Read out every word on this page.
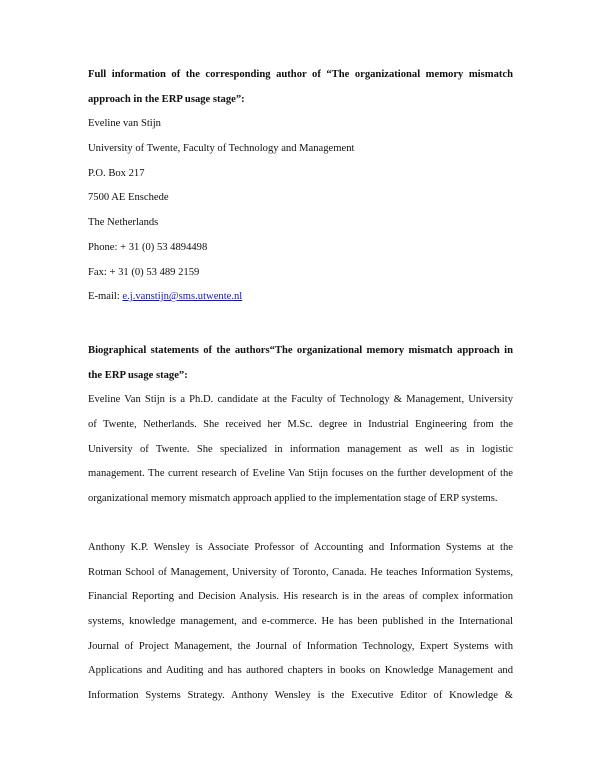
Full information of the corresponding author of “The organizational memory mismatch
approach in the ERP usage stage”:
Eveline van Stijn
University of Twente, Faculty of Technology and Management
P.O. Box 217
7500 AE Enschede
The Netherlands
Phone: + 31 (0) 53 4894498
Fax: + 31 (0) 53 489 2159
E-mail: e.j.vanstijn@sms.utwente.nl
Biographical statements of the authors“The organizational memory mismatch approach in
the ERP usage stage”:
Eveline Van Stijn is a Ph.D. candidate at the Faculty of Technology & Management, University
of Twente, Netherlands. She received her M.Sc. degree in Industrial Engineering from the
University of Twente. She specialized in information management as well as in logistic
management. The current research of Eveline Van Stijn focuses on the further development of the
organizational memory mismatch approach applied to the implementation stage of ERP systems.
Anthony K.P. Wensley is Associate Professor of Accounting and Information Systems at the
Rotman School of Management, University of Toronto, Canada. He teaches Information Systems,
Financial Reporting and Decision Analysis. His research is in the areas of complex information
systems, knowledge management, and e-commerce. He has been published in the International
Journal of Project Management, the Journal of Information Technology, Expert Systems with
Applications and Auditing and has authored chapters in books on Knowledge Management and
Information Systems Strategy. Anthony Wensley is the Executive Editor of Knowledge &
